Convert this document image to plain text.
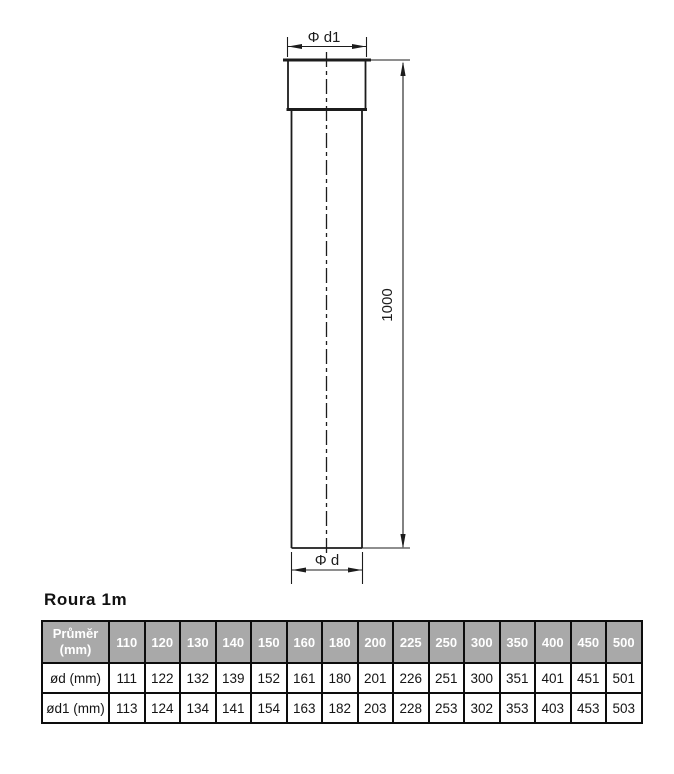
Φ d1
1000
Φ d
Roura 1m
Průměr
(mm)	110	120	130	140	150	160	180	200	225	250	300	350	400	450	500
ød (mm)	111	122	132	139	152	161	180	201	226	251	300	351	401	451	501
ød1 (mm)	113	124	134	141	154	163	182	203	228	253	302	353	403	453	503
